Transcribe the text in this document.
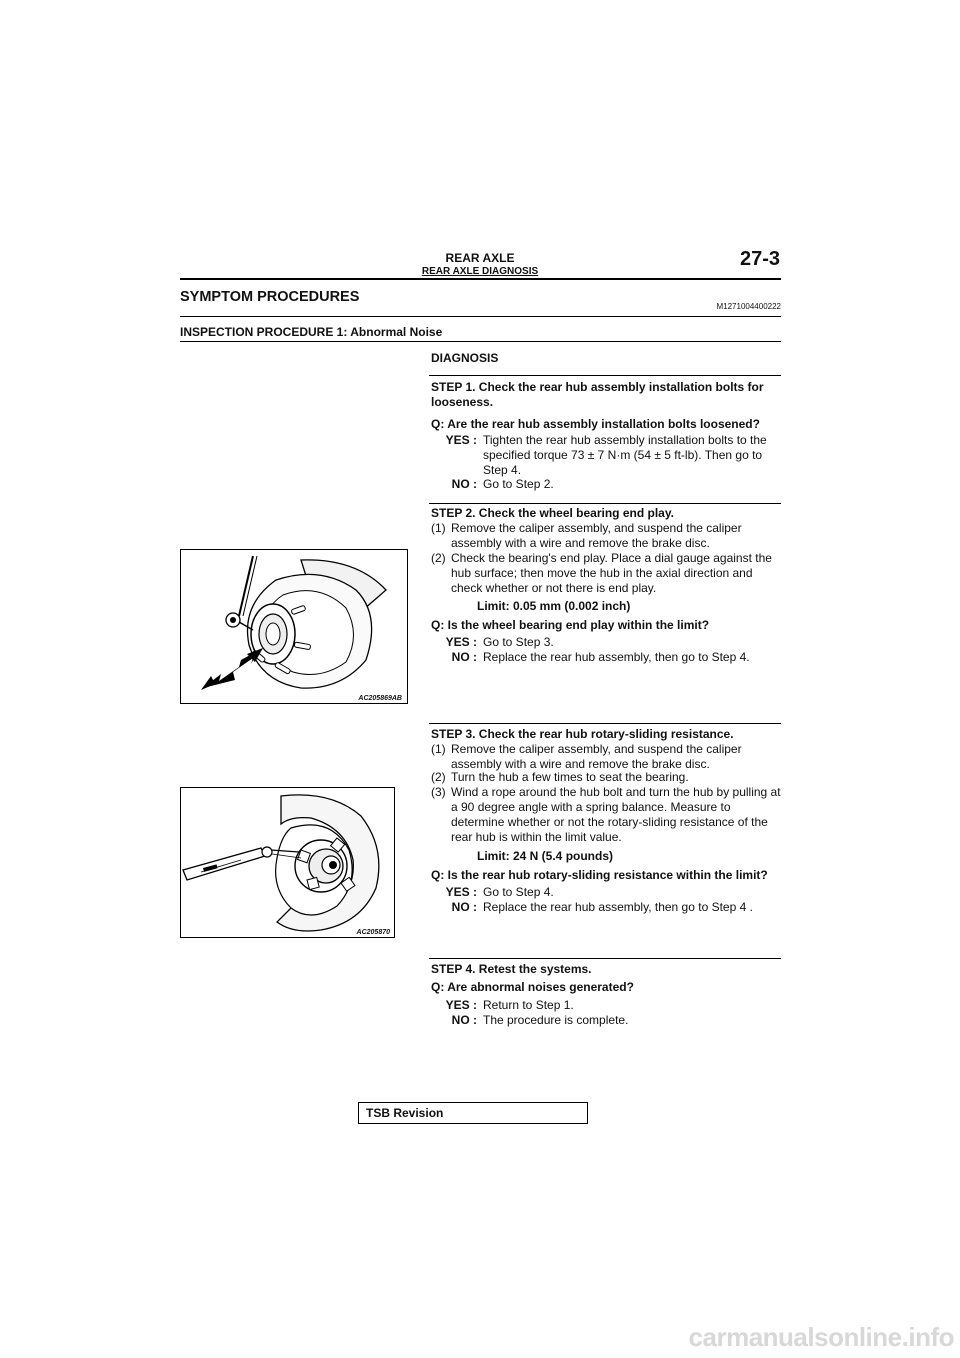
REAR AXLE
REAR AXLE DIAGNOSIS
27-3
SYMPTOM PROCEDURES
M1271004400222
INSPECTION PROCEDURE 1: Abnormal Noise
DIAGNOSIS
STEP 1. Check the rear hub assembly installation bolts for looseness.
Q: Are the rear hub assembly installation bolts loosened?
YES : Tighten the rear hub assembly installation bolts to the specified torque 73 ± 7 N·m (54 ± 5 ft-lb). Then go to Step 4.
NO : Go to Step 2.
STEP 2. Check the wheel bearing end play.
(1) Remove the caliper assembly, and suspend the caliper assembly with a wire and remove the brake disc.
(2) Check the bearing's end play. Place a dial gauge against the hub surface; then move the hub in the axial direction and check whether or not there is end play.
Limit: 0.05 mm (0.002 inch)
Q: Is the wheel bearing end play within the limit?
YES : Go to Step 3.
NO : Replace the rear hub assembly, then go to Step 4.
AC205869AB
STEP 3. Check the rear hub rotary-sliding resistance.
(1) Remove the caliper assembly, and suspend the caliper assembly with a wire and remove the brake disc.
(2) Turn the hub a few times to seat the bearing.
(3) Wind a rope around the hub bolt and turn the hub by pulling at a 90 degree angle with a spring balance. Measure to determine whether or not the rotary-sliding resistance of the rear hub is within the limit value.
Limit: 24 N (5.4 pounds)
Q: Is the rear hub rotary-sliding resistance within the limit?
YES : Go to Step 4.
NO : Replace the rear hub assembly, then go to Step 4 .
AC205870
STEP 4. Retest the systems.
Q: Are abnormal noises generated?
YES : Return to Step 1.
NO : The procedure is complete.
TSB Revision
carmanualsonline.info
